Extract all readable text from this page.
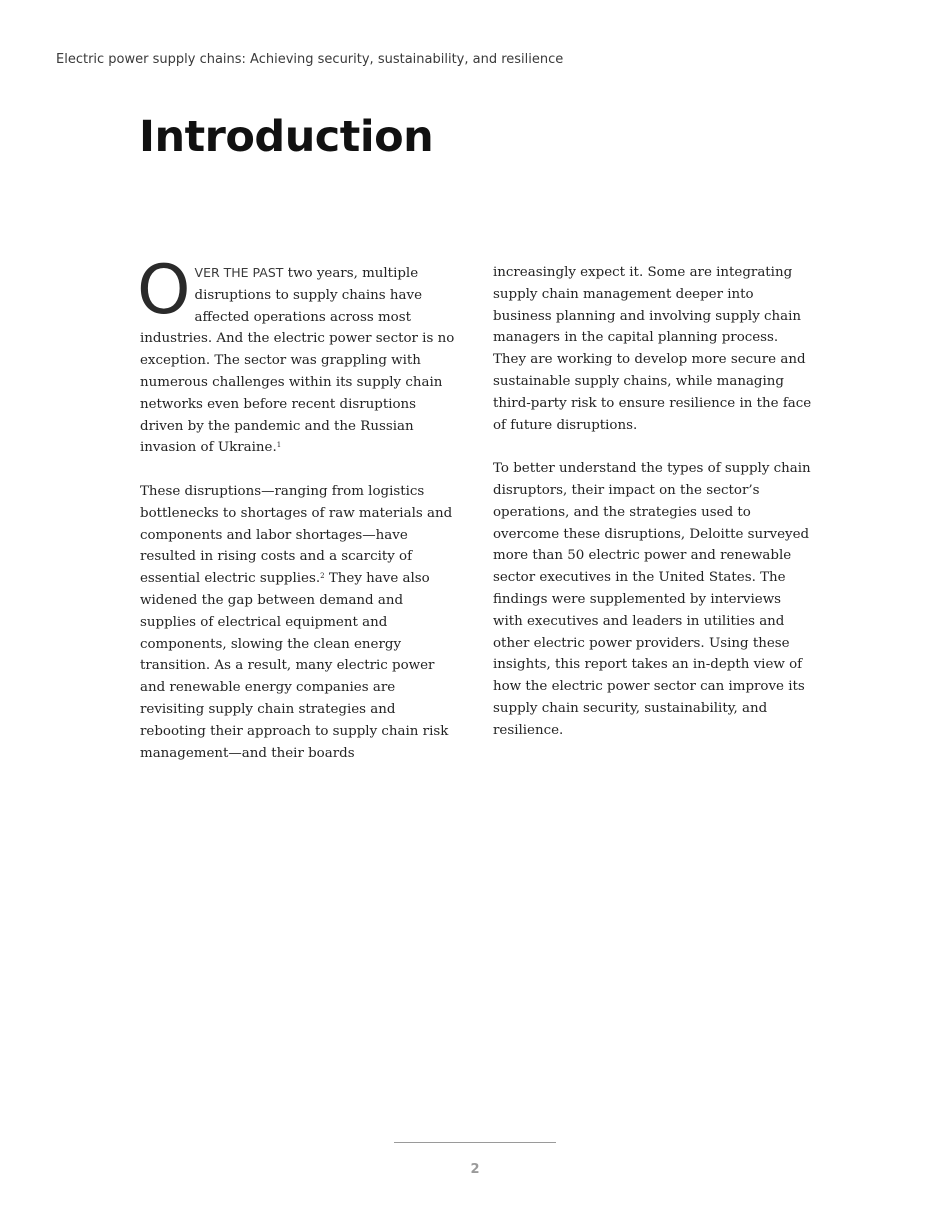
Electric power supply chains: Achieving security, sustainability, and resilience
Introduction

OVER THE PAST two years, multiple disruptions to supply chains have affected operations across most industries. And the electric power sector is no exception. The sector was grappling with numerous challenges within its supply chain networks even before recent disruptions driven by the pandemic and the Russian invasion of Ukraine.$^1$

These disruptions—ranging from logistics bottlenecks to shortages of raw materials and components and labor shortages—have resulted in rising costs and a scarcity of essential electric supplies.$^2$ They have also widened the gap between demand and supplies of electrical equipment and components, slowing the clean energy transition. As a result, many electric power and renewable energy companies are revisiting supply chain strategies and rebooting their approach to supply chain risk management—and their boards

increasingly expect it. Some are integrating supply chain management deeper into business planning and involving supply chain managers in the capital planning process. They are working to develop more secure and sustainable supply chains, while managing third-party risk to ensure resilience in the face of future disruptions.

To better understand the types of supply chain disruptors, their impact on the sector’s operations, and the strategies used to overcome these disruptions, Deloitte surveyed more than 50 electric power and renewable sector executives in the United States. The findings were supplemented by interviews with executives and leaders in utilities and other electric power providers. Using these insights, this report takes an in-depth view of how the electric power sector can improve its supply chain security, sustainability, and resilience.

2
